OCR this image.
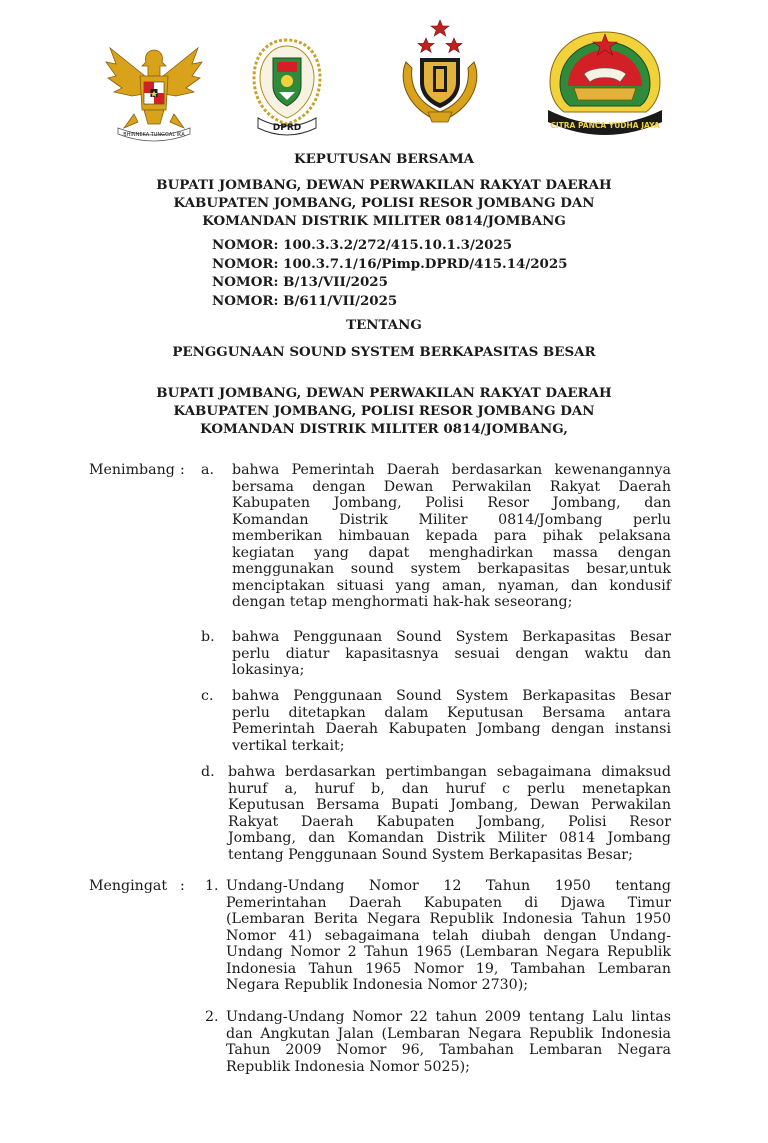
BHINNEKA TUNGGAL IKA
DPRD	CITRA PANCA YUDHA JAYA
KEPUTUSAN BERSAMA
BUPATI JOMBANG, DEWAN PERWAKILAN RAKYAT DAERAH
KABUPATEN JOMBANG, POLISI RESOR JOMBANG DAN
KOMANDAN DISTRIK MILITER 0814/JOMBANG
NOMOR: 100.3.3.2/272/415.10.1.3/2025
NOMOR: 100.3.7.1/16/Pimp.DPRD/415.14/2025
NOMOR: B/13/VII/2025
NOMOR: B/611/VII/2025
TENTANG
PENGGUNAAN SOUND SYSTEM BERKAPASITAS BESAR
BUPATI JOMBANG, DEWAN PERWAKILAN RAKYAT DAERAH
KABUPATEN JOMBANG, POLISI RESOR JOMBANG DAN
KOMANDAN DISTRIK MILITER 0814/JOMBANG,
Menimbang : a. bahwa Pemerintah Daerah berdasarkan kewenangannya
bersama dengan Dewan Perwakilan Rakyat Daerah
Kabupaten Jombang, Polisi Resor Jombang, dan
Komandan Distrik Militer 0814/Jombang perlu
memberikan himbauan kepada para pihak pelaksana
kegiatan yang dapat menghadirkan massa dengan
menggunakan sound system berkapasitas besar,untuk
menciptakan situasi yang aman, nyaman, dan kondusif
dengan tetap menghormati hak-hak seseorang;
b. bahwa Penggunaan Sound System Berkapasitas Besar
perlu diatur kapasitasnya sesuai dengan waktu dan
lokasinya;
c. bahwa Penggunaan Sound System Berkapasitas Besar
perlu ditetapkan dalam Keputusan Bersama antara
Pemerintah Daerah Kabupaten Jombang dengan instansi
vertikal terkait;
d. bahwa berdasarkan pertimbangan sebagaimana dimaksud
huruf a, huruf b, dan huruf c perlu menetapkan
Keputusan Bersama Bupati Jombang, Dewan Perwakilan
Rakyat Daerah Kabupaten Jombang, Polisi Resor
Jombang, dan Komandan Distrik Militer 0814 Jombang
tentang Penggunaan Sound System Berkapasitas Besar;
Mengingat : 1. Undang-Undang Nomor 12 Tahun 1950 tentang
Pemerintahan Daerah Kabupaten di Djawa Timur
(Lembaran Berita Negara Republik Indonesia Tahun 1950
Nomor 41) sebagaimana telah diubah dengan Undang-
Undang Nomor 2 Tahun 1965 (Lembaran Negara Republik
Indonesia Tahun 1965 Nomor 19, Tambahan Lembaran
Negara Republik Indonesia Nomor 2730);
2. Undang-Undang Nomor 22 tahun 2009 tentang Lalu lintas
dan Angkutan Jalan (Lembaran Negara Republik Indonesia
Tahun 2009 Nomor 96, Tambahan Lembaran Negara
Republik Indonesia Nomor 5025);
